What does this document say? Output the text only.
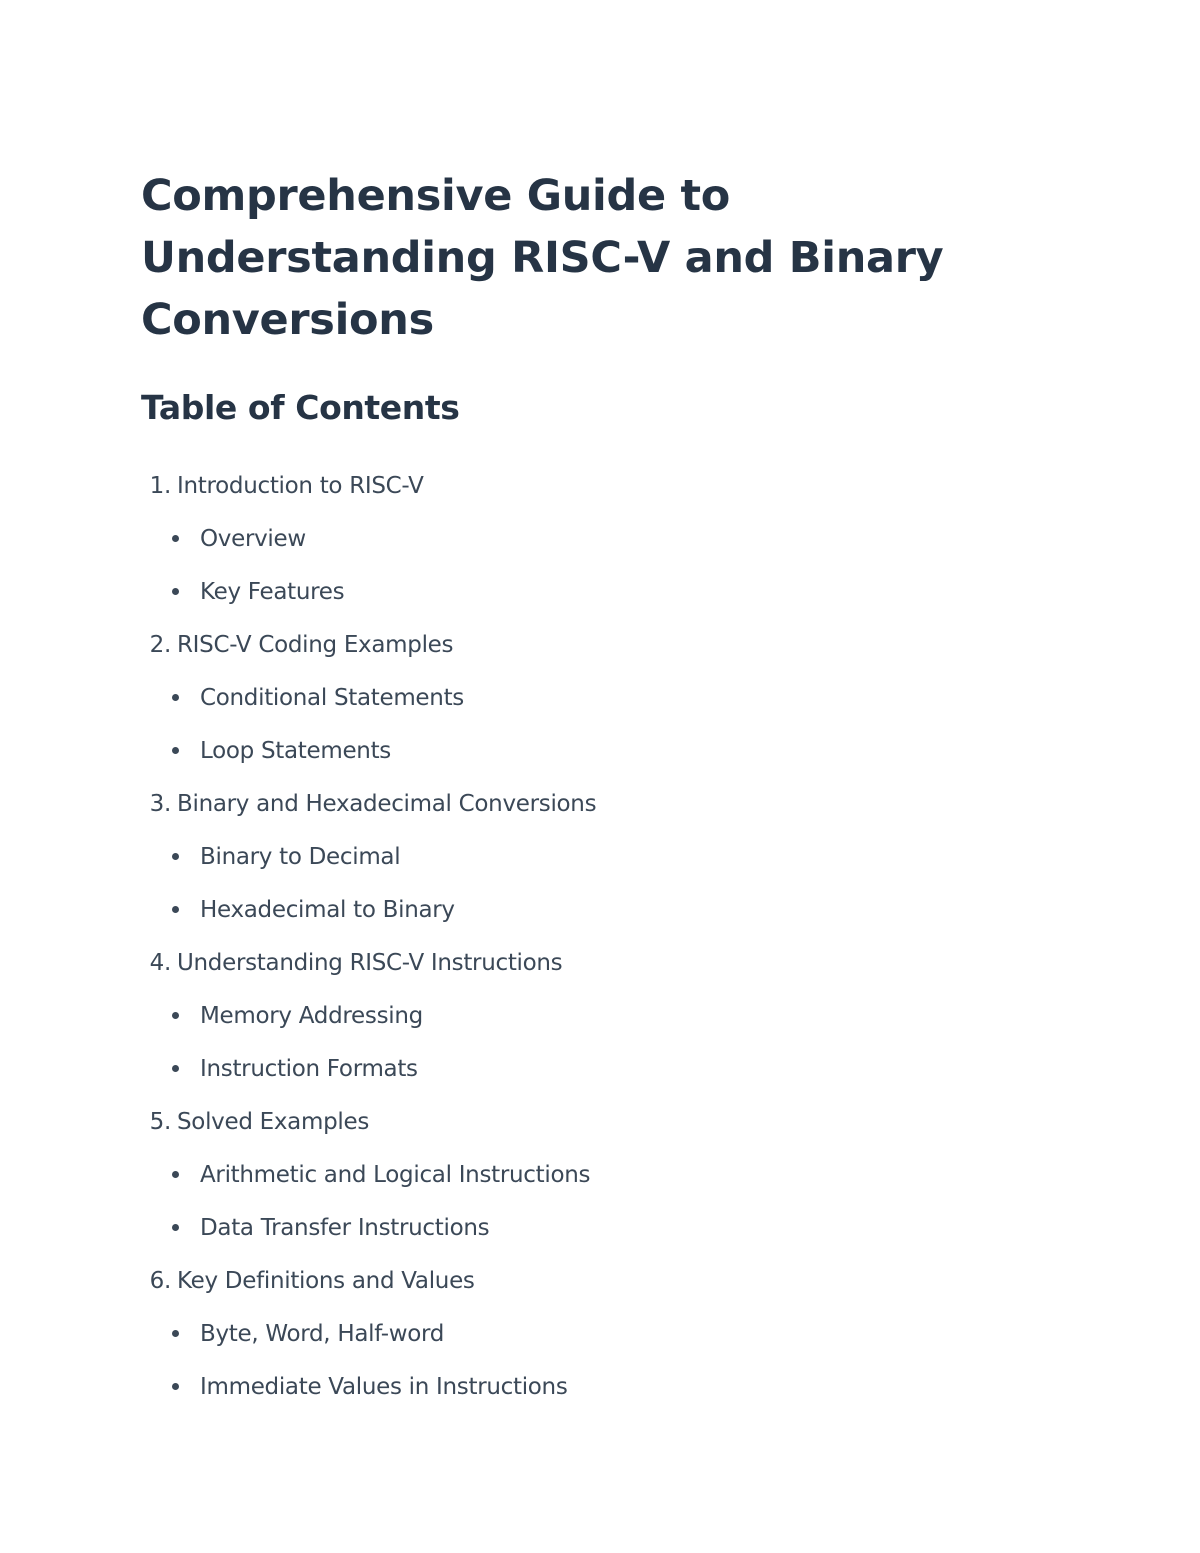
Comprehensive Guide to
Understanding RISC-V and Binary
Conversions
Table of Contents
1. Introduction to RISC-V
Overview
Key Features
2. RISC-V Coding Examples
Conditional Statements
Loop Statements
3. Binary and Hexadecimal Conversions
Binary to Decimal
Hexadecimal to Binary
4. Understanding RISC-V Instructions
Memory Addressing
Instruction Formats
5. Solved Examples
Arithmetic and Logical Instructions
Data Transfer Instructions
6. Key Definitions and Values
Byte, Word, Half-word
Immediate Values in Instructions
